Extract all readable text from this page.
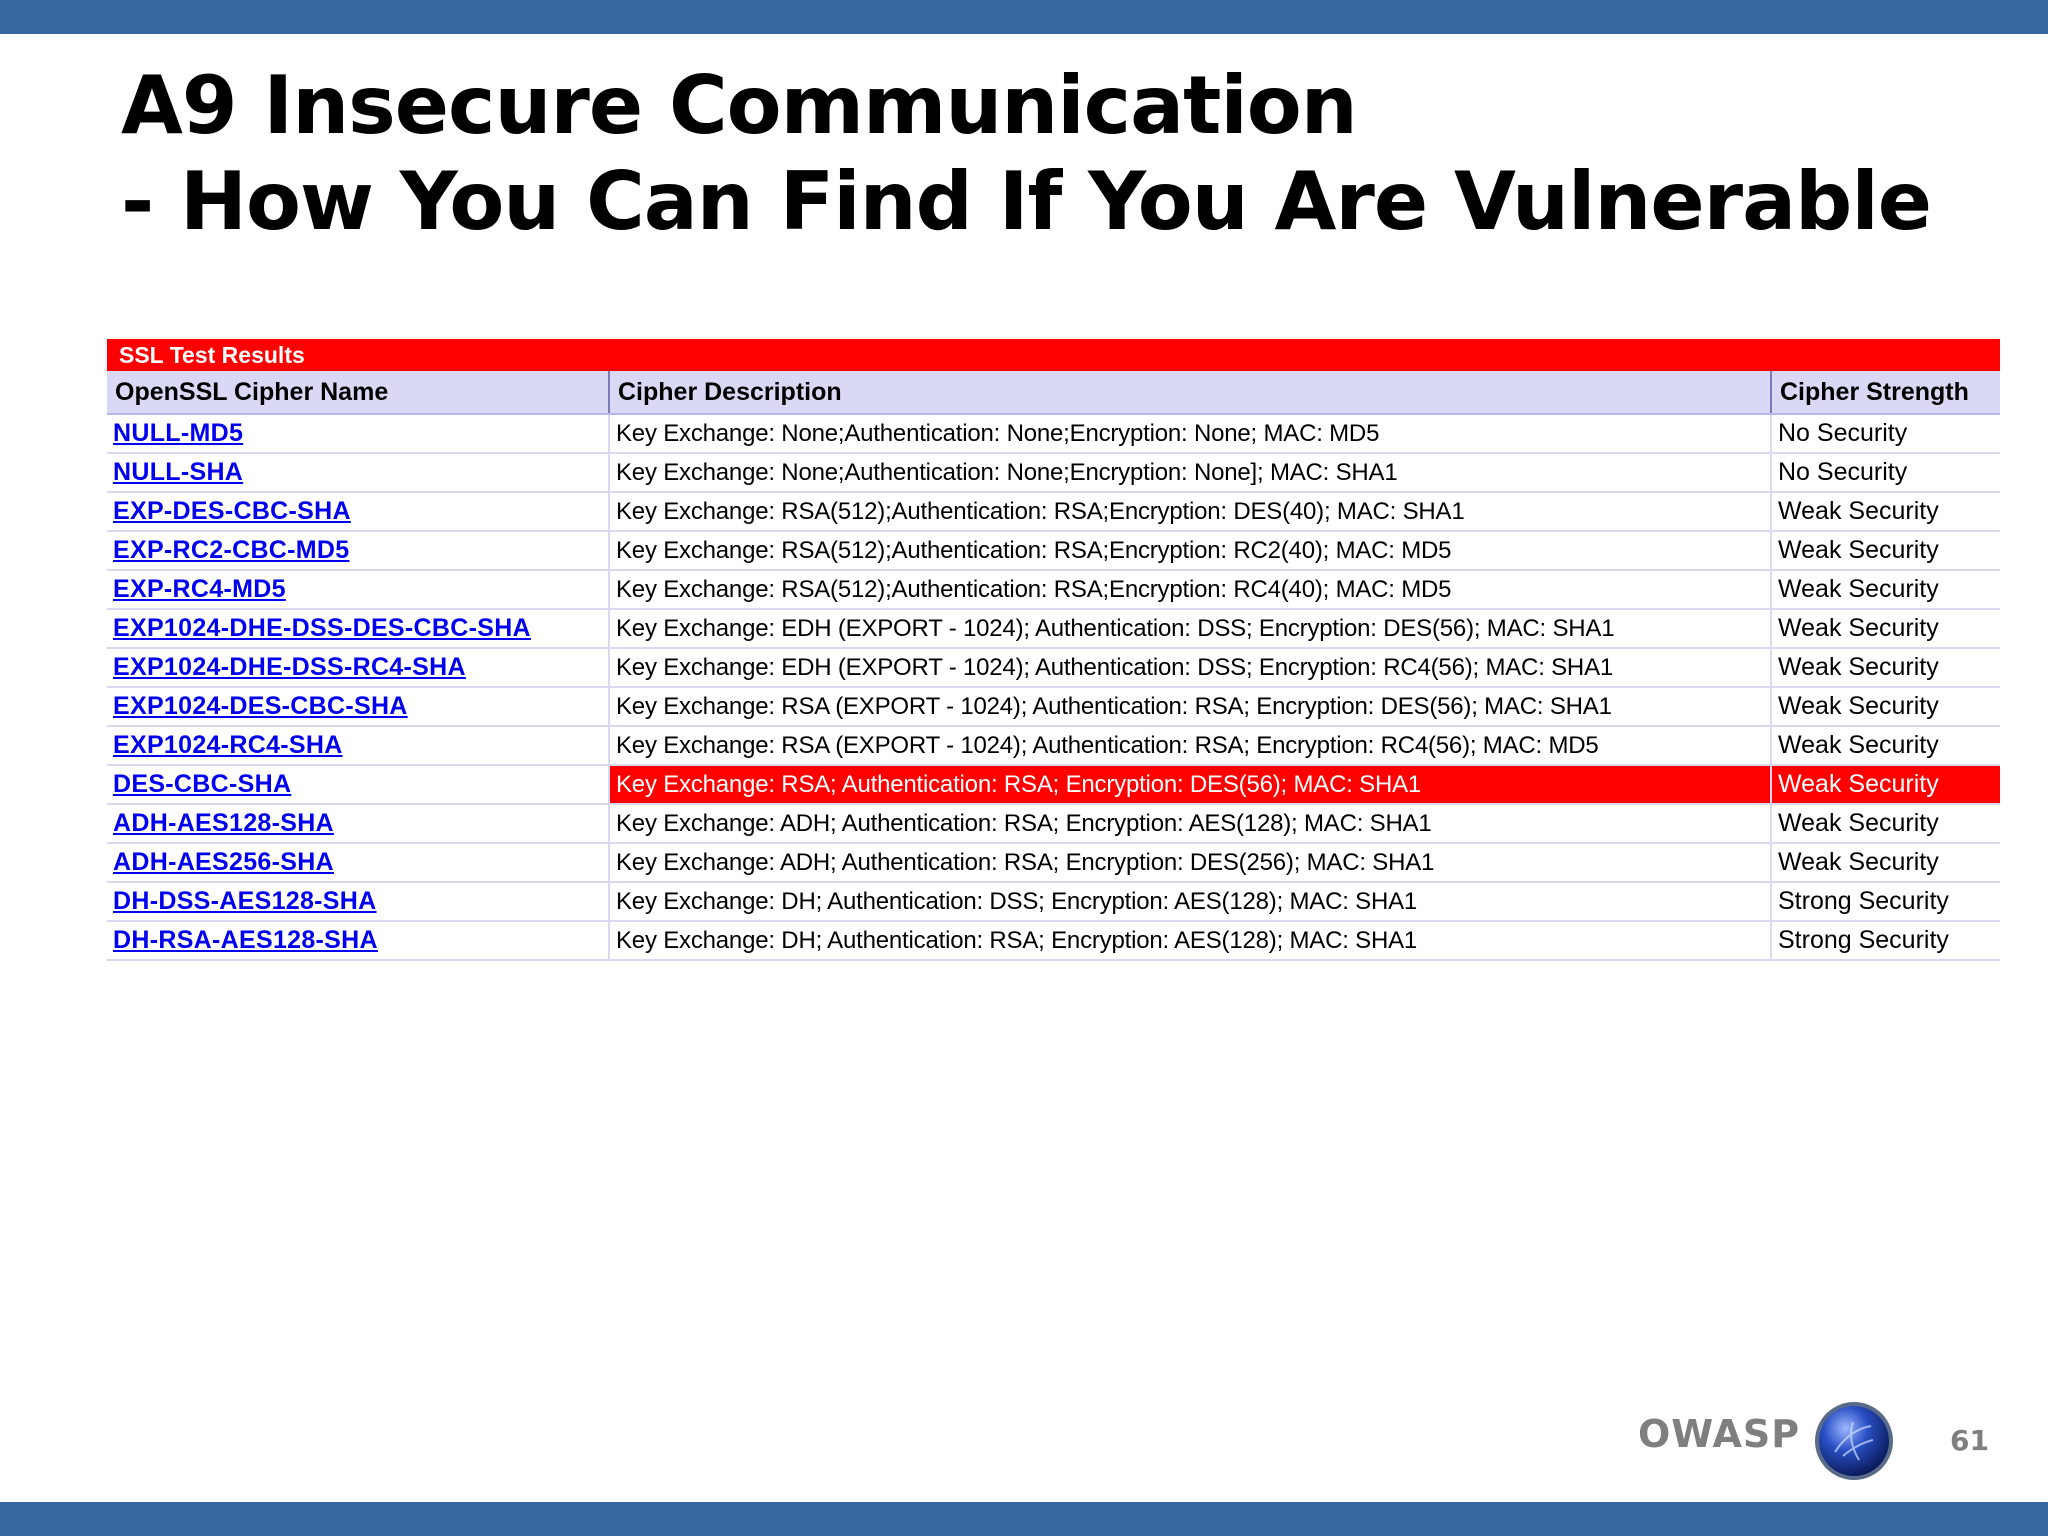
A9 Insecure Communication
- How You Can Find If You Are Vulnerable
SSL Test Results
OpenSSL Cipher Name	Cipher Description	Cipher Strength
NULL-MD5	Key Exchange: None;Authentication: None;Encryption: None; MAC: MD5	No Security
NULL-SHA	Key Exchange: None;Authentication: None;Encryption: None]; MAC: SHA1	No Security
EXP-DES-CBC-SHA	Key Exchange: RSA(512);Authentication: RSA;Encryption: DES(40); MAC: SHA1	Weak Security
EXP-RC2-CBC-MD5	Key Exchange: RSA(512);Authentication: RSA;Encryption: RC2(40); MAC: MD5	Weak Security
EXP-RC4-MD5	Key Exchange: RSA(512);Authentication: RSA;Encryption: RC4(40); MAC: MD5	Weak Security
EXP1024-DHE-DSS-DES-CBC-SHA	Key Exchange: EDH (EXPORT - 1024); Authentication: DSS; Encryption: DES(56); MAC: SHA1	Weak Security
EXP1024-DHE-DSS-RC4-SHA	Key Exchange: EDH (EXPORT - 1024); Authentication: DSS; Encryption: RC4(56); MAC: SHA1	Weak Security
EXP1024-DES-CBC-SHA	Key Exchange: RSA (EXPORT - 1024); Authentication: RSA; Encryption: DES(56); MAC: SHA1	Weak Security
EXP1024-RC4-SHA	Key Exchange: RSA (EXPORT - 1024); Authentication: RSA; Encryption: RC4(56); MAC: MD5	Weak Security
DES-CBC-SHA	Key Exchange: RSA; Authentication: RSA; Encryption: DES(56); MAC: SHA1	Weak Security
ADH-AES128-SHA	Key Exchange: ADH; Authentication: RSA; Encryption: AES(128); MAC: SHA1	Weak Security
ADH-AES256-SHA	Key Exchange: ADH; Authentication: RSA; Encryption: DES(256); MAC: SHA1	Weak Security
DH-DSS-AES128-SHA	Key Exchange: DH; Authentication: DSS; Encryption: AES(128); MAC: SHA1	Strong Security
DH-RSA-AES128-SHA	Key Exchange: DH; Authentication: RSA; Encryption: AES(128); MAC: SHA1	Strong Security
OWASP	61
